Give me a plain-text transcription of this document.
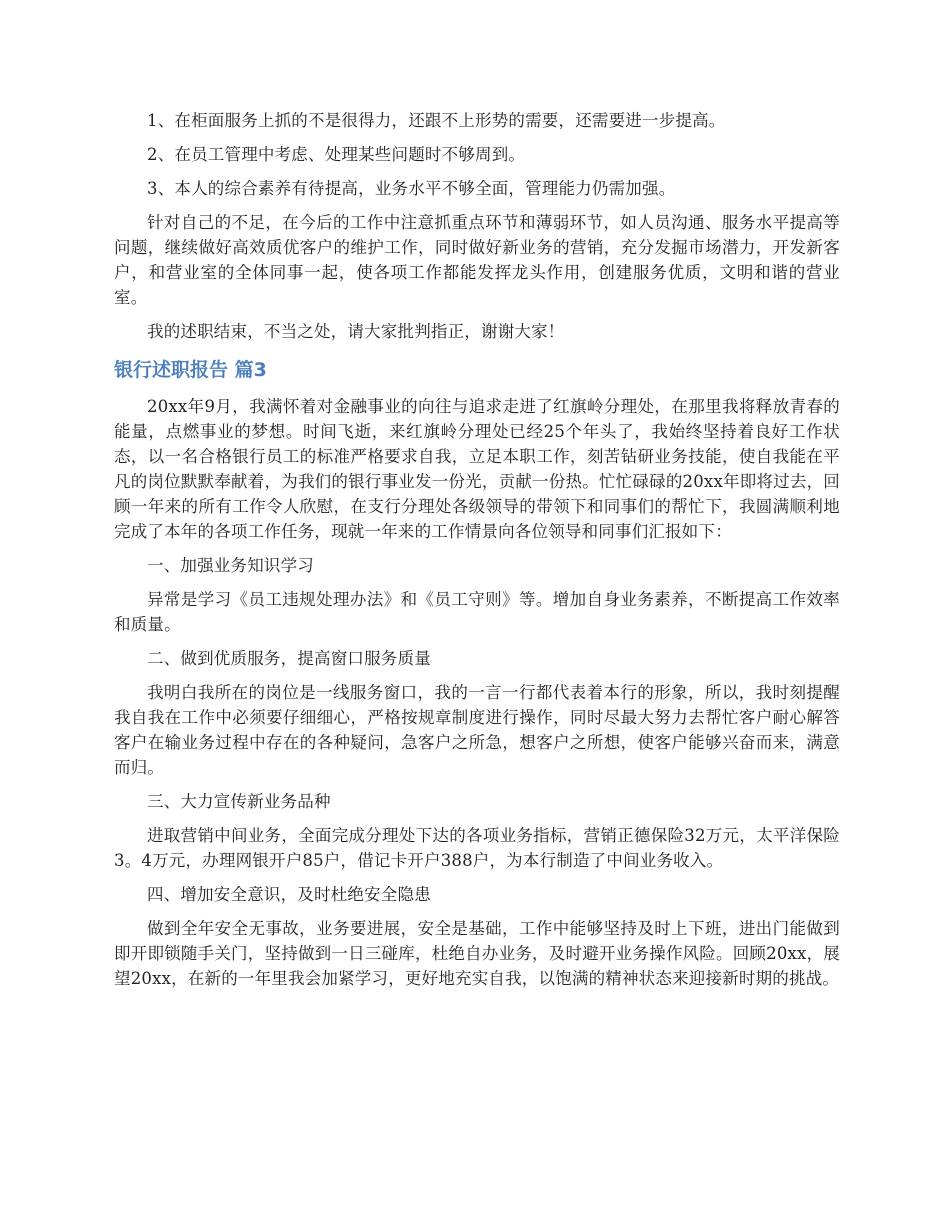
1、在柜面服务上抓的不是很得力，还跟不上形势的需要，还需要进一步提高。

2、在员工管理中考虑、处理某些问题时不够周到。

3、本人的综合素养有待提高，业务水平不够全面，管理能力仍需加强。

针对自己的不足，在今后的工作中注意抓重点环节和薄弱环节，如人员沟通、服务水平提高等问题，继续做好高效质优客户的维护工作，同时做好新业务的营销，充分发掘市场潜力，开发新客户，和营业室的全体同事一起，使各项工作都能发挥龙头作用，创建服务优质，文明和谐的营业室。

我的述职结束，不当之处，请大家批判指正，谢谢大家！

银行述职报告 篇3

20xx年9月，我满怀着对金融事业的向往与追求走进了红旗岭分理处，在那里我将释放青春的能量，点燃事业的梦想。时间飞逝，来红旗岭分理处已经25个年头了，我始终坚持着良好工作状态，以一名合格银行员工的标准严格要求自我，立足本职工作，刻苦钻研业务技能，使自我能在平凡的岗位默默奉献着，为我们的银行事业发一份光，贡献一份热。忙忙碌碌的20xx年即将过去，回顾一年来的所有工作令人欣慰，在支行分理处各级领导的带领下和同事们的帮忙下，我圆满顺利地完成了本年的各项工作任务，现就一年来的工作情景向各位领导和同事们汇报如下：

一、加强业务知识学习

异常是学习《员工违规处理办法》和《员工守则》等。增加自身业务素养，不断提高工作效率和质量。

二、做到优质服务，提高窗口服务质量

我明白我所在的岗位是一线服务窗口，我的一言一行都代表着本行的形象，所以，我时刻提醒我自我在工作中必须要仔细细心，严格按规章制度进行操作，同时尽最大努力去帮忙客户耐心解答客户在输业务过程中存在的各种疑问，急客户之所急，想客户之所想，使客户能够兴奋而来，满意而归。

三、大力宣传新业务品种

进取营销中间业务，全面完成分理处下达的各项业务指标，营销正德保险32万元，太平洋保险3。4万元，办理网银开户85户，借记卡开户388户，为本行制造了中间业务收入。

四、增加安全意识，及时杜绝安全隐患

做到全年安全无事故，业务要进展，安全是基础，工作中能够坚持及时上下班，进出门能做到即开即锁随手关门，坚持做到一日三碰库，杜绝自办业务，及时避开业务操作风险。回顾20xx，展望20xx，在新的一年里我会加紧学习，更好地充实自我，以饱满的精神状态来迎接新时期的挑战。
